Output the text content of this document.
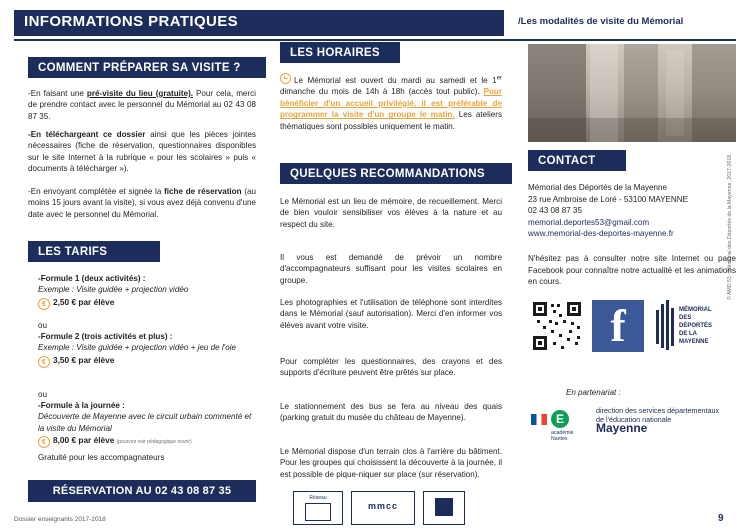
INFORMATIONS PRATIQUES	/Les modalités de visite du Mémorial
COMMENT PRÉPARER SA VISITE ?
-En faisant une pré-visite du lieu (gratuite). Pour cela, merci de prendre contact avec le personnel du Mémorial au 02 43 08 87 35.
-En téléchargeant ce dossier ainsi que les pièces jointes nécessaires (fiche de réservation, questionnaires disponibles sur le site Internet à la rubrique « pour les scolaires » puis « documents à télécharger »).
-En envoyant complétée et signée la fiche de réservation (au moins 15 jours avant la visite), si vous avez déjà convenu d'une date avec le personnel du Mémorial.
LES TARIFS
-Formule 1 (deux activités) :
Exemple : Visite guidée + projection vidéo
€ 2,50 € par élève
ou
-Formule 2 (trois activités et plus) :
Exemple : Visite guidée + projection vidéo + jeu de l'oie
€ 3,50 € par élève
ou
-Formule à la journée :
Découverte de Mayenne avec le circuit urbain commenté et la visite du Mémorial
€ 8,00 € par élève (pourvoir voir pédagogique ouvrir)
Gratuité pour les accompagnateurs
RÉSERVATION AU 02 43 08 87 35
LES HORAIRES
Le Mémorial est ouvert du mardi au samedi et le 1er dimanche du mois de 14h à 18h (accès tout public). Pour bénéficier d'un accueil privilégié, il est préférable de programmer la visite d'un groupe le matin. Les ateliers thématiques sont possibles uniquement le matin.
QUELQUES RECOMMANDATIONS
Le Mémorial est un lieu de mémoire, de recueillement. Merci de bien vouloir sensibiliser vos élèves à la nature et au respect du site.
Il vous est demandé de prévoir un nombre d'accompagnateurs suffisant pour les visites scolaires en groupe.
Les photographies et l'utilisation de téléphone sont interdites dans le Mémorial (sauf autorisation). Merci d'en informer vos élèves avant votre visite.
Pour compléter les questionnaires, des crayons et des supports d'écriture peuvent être prêtés sur place.
Le stationnement des bus se fera au niveau des quais (parking gratuit du musée du château de Mayenne).
Le Mémorial dispose d'un terrain clos à l'arrière du bâtiment. Pour les groupes qui choisissent la découverte à la journée, il est possible de pique-niquer sur place (sur réservation).
Réseau
mmcc
CONTACT
Mémorial des Déportés de la Mayenne
23 rue Ambroise de Loré - 53100 MAYENNE
02 43 08 87 35
memorial.deportes53@gmail.com
www.memorial-des-deportes-mayenne.fr
N'hésitez pas à consulter notre site Internet ou page Facebook pour connaître notre actualité et les animations en cours.
f	MÉMORIAL
DES
DÉPORTÉS
DE LA
MAYENNE
En partenariat :
E
académie Nantes
direction des services départementaux
de l'éducation nationale
Mayenne
Dossier enseignants 2017-2018	9
© AMD 53 - Mémorial des Déportés de la Mayenne, 2017-2018
